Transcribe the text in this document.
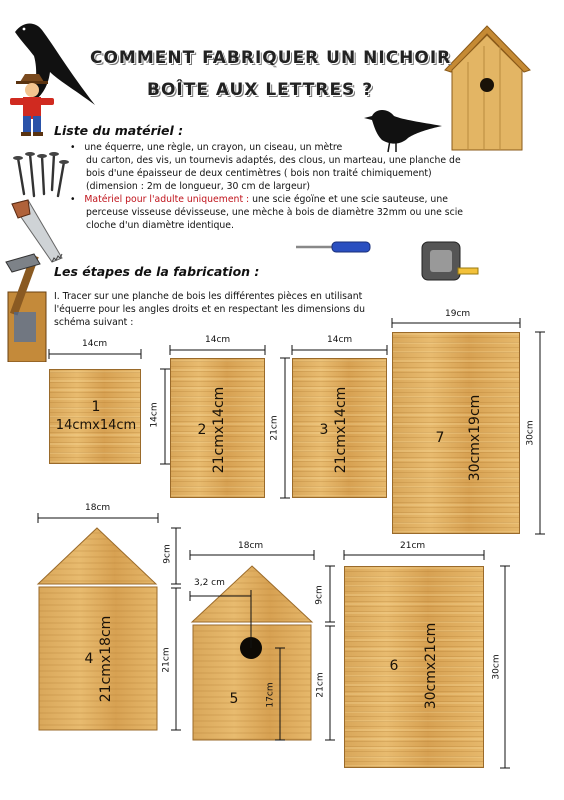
COMMENT FABRIQUER UN NICHOIR
BOÎTE AUX LETTRES ?
Liste du matériel :
•   une équerre, une règle, un crayon, un ciseau, un mètre
du carton, des vis, un tournevis adaptés, des clous, un marteau, une planche de
bois d'une épaisseur de deux centimètres ( bois non traité chimiquement)
(dimension : 2m de longueur, 30 cm de largeur)
•   Matériel pour l'adulte uniquement : une scie égoïne et une scie sauteuse, une
perceuse visseuse dévisseuse, une mèche à bois de diamètre 32mm ou une scie
cloche d'un diamètre identique.
Les étapes de la fabrication :
I. Tracer sur une planche de bois les différentes pièces en utilisant
l'équerre pour les angles droits et en respectant les dimensions du
schéma suivant :
1
14cmx14cm	2 21cmx14cm	3 21cmx14cm	7	30cmx19cm
4 21cmx18cm	5
6	30cmx21cm
14cm
14cm
14cm
21cm
14cm
19cm
30cm
18cm
9cm
21cm
18cm
3,2 cm
17cm
9cm
21cm
21cm
30cm
